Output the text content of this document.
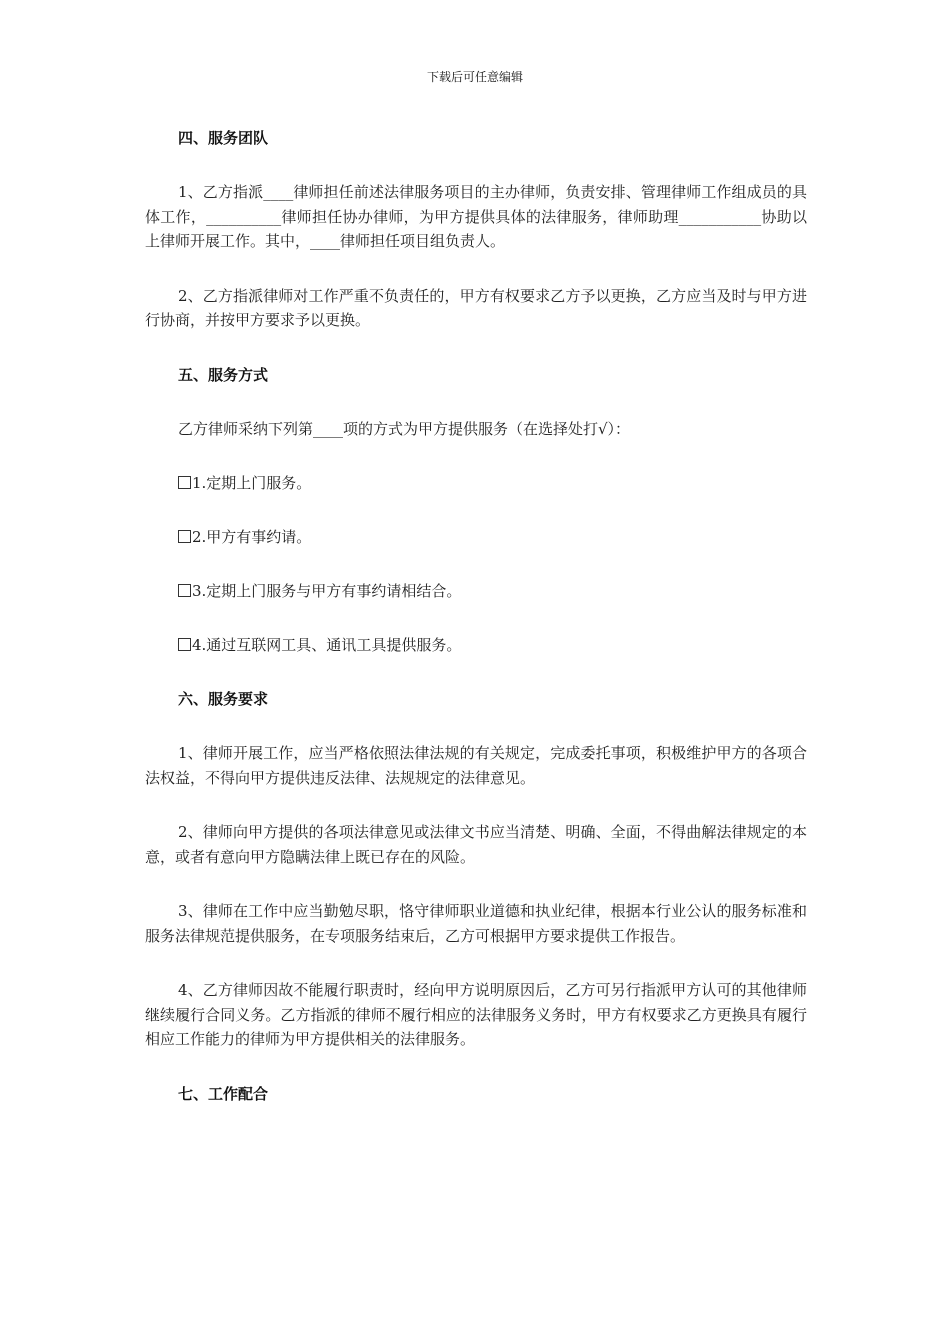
下载后可任意编辑
四、服务团队

1、乙方指派____律师担任前述法律服务项目的主办律师，负责安排、管理律师工作组成员的具体工作，__________律师担任协办律师，为甲方提供具体的法律服务，律师助理___________协助以上律师开展工作。其中，____律师担任项目组负责人。

2、乙方指派律师对工作严重不负责任的，甲方有权要求乙方予以更换，乙方应当及时与甲方进行协商，并按甲方要求予以更换。

五、服务方式

乙方律师采纳下列第____项的方式为甲方提供服务（在选择处打√）：

1.定期上门服务。
2.甲方有事约请。
3.定期上门服务与甲方有事约请相结合。
4.通过互联网工具、通讯工具提供服务。
六、服务要求

1、律师开展工作，应当严格依照法律法规的有关规定，完成委托事项，积极维护甲方的各项合法权益，不得向甲方提供违反法律、法规规定的法律意见。

2、律师向甲方提供的各项法律意见或法律文书应当清楚、明确、全面，不得曲解法律规定的本意，或者有意向甲方隐瞒法律上既已存在的风险。

3、律师在工作中应当勤勉尽职，恪守律师职业道德和执业纪律，根据本行业公认的服务标准和服务法律规范提供服务，在专项服务结束后，乙方可根据甲方要求提供工作报告。

4、乙方律师因故不能履行职责时，经向甲方说明原因后，乙方可另行指派甲方认可的其他律师继续履行合同义务。乙方指派的律师不履行相应的法律服务义务时，甲方有权要求乙方更换具有履行相应工作能力的律师为甲方提供相关的法律服务。

七、工作配合
